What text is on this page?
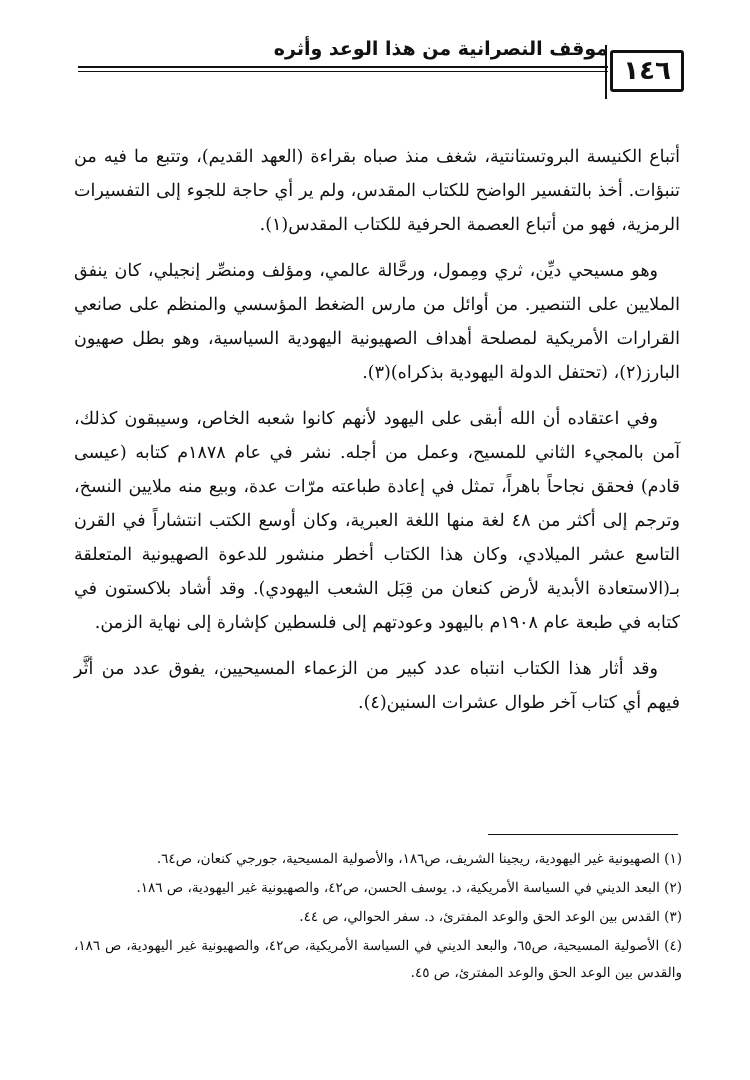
موقف النصرانية من هذا الوعد وأثره
١٤٦

أتباع الكنيسة البروتستانتية، شغف منذ صباه بقراءة (العهد القديم)، وتتبع ما فيه من تنبؤات. أخذ بالتفسير الواضح للكتاب المقدس، ولم ير أي حاجة للجوء إلى التفسيرات الرمزية، فهو من أتباع العصمة الحرفية للكتاب المقدس(١).

وهو مسيحي ديِّن، ثري ومِمول، ورحَّالة عالمي، ومؤلف ومنصِّر إنجيلي، كان ينفق الملايين على التنصير. من أوائل من مارس الضغط المؤسسي والمنظم على صانعي القرارات الأمريكية لمصلحة أهداف الصهيونية اليهودية السياسية، وهو بطل صهيون البارز(٢)، (تحتفل الدولة اليهودية بذكراه)(٣).

وفي اعتقاده أن الله أبقى على اليهود لأنهم كانوا شعبه الخاص، وسيبقون كذلك، آمن بالمجيء الثاني للمسيح، وعمل من أجله. نشر في عام ١٨٧٨م كتابه (عيسى قادم) فحقق نجاحاً باهراً، تمثل في إعادة طباعته مرّات عدة، وبيع منه ملايين النسخ، وترجم إلى أكثر من ٤٨ لغة منها اللغة العبرية، وكان أوسع الكتب انتشاراً في القرن التاسع عشر الميلادي، وكان هذا الكتاب أخطر منشور للدعوة الصهيونية المتعلقة بـ(الاستعادة الأبدية لأرض كنعان من قِبَل الشعب اليهودي). وقد أشاد بلاكستون في كتابه في طبعة عام ١٩٠٨م باليهود وعودتهم إلى فلسطين كإشارة إلى نهاية الزمن.

وقد أثار هذا الكتاب انتباه عدد كبير من الزعماء المسيحيين، يفوق عدد من أثَّر فيهم أي كتاب آخر طوال عشرات السنين(٤).

(١) الصهيونية غير اليهودية، ريجينا الشريف، ص١٨٦، والأصولية المسيحية، جورجي كنعان، ص٦٤.

(٢) البعد الديني في السياسة الأمريكية، د. يوسف الحسن، ص٤٢، والصهيونية غير اليهودية، ص ١٨٦.

(٣) القدس بين الوعد الحق والوعد المفترئ، د. سفر الحوالي، ص ٤٤.

(٤) الأصولية المسيحية، ص٦٥، والبعد الديني في السياسة الأمريكية، ص٤٢، والصهيونية غير اليهودية، ص ١٨٦، والقدس بين الوعد الحق والوعد المفترئ، ص ٤٥.
